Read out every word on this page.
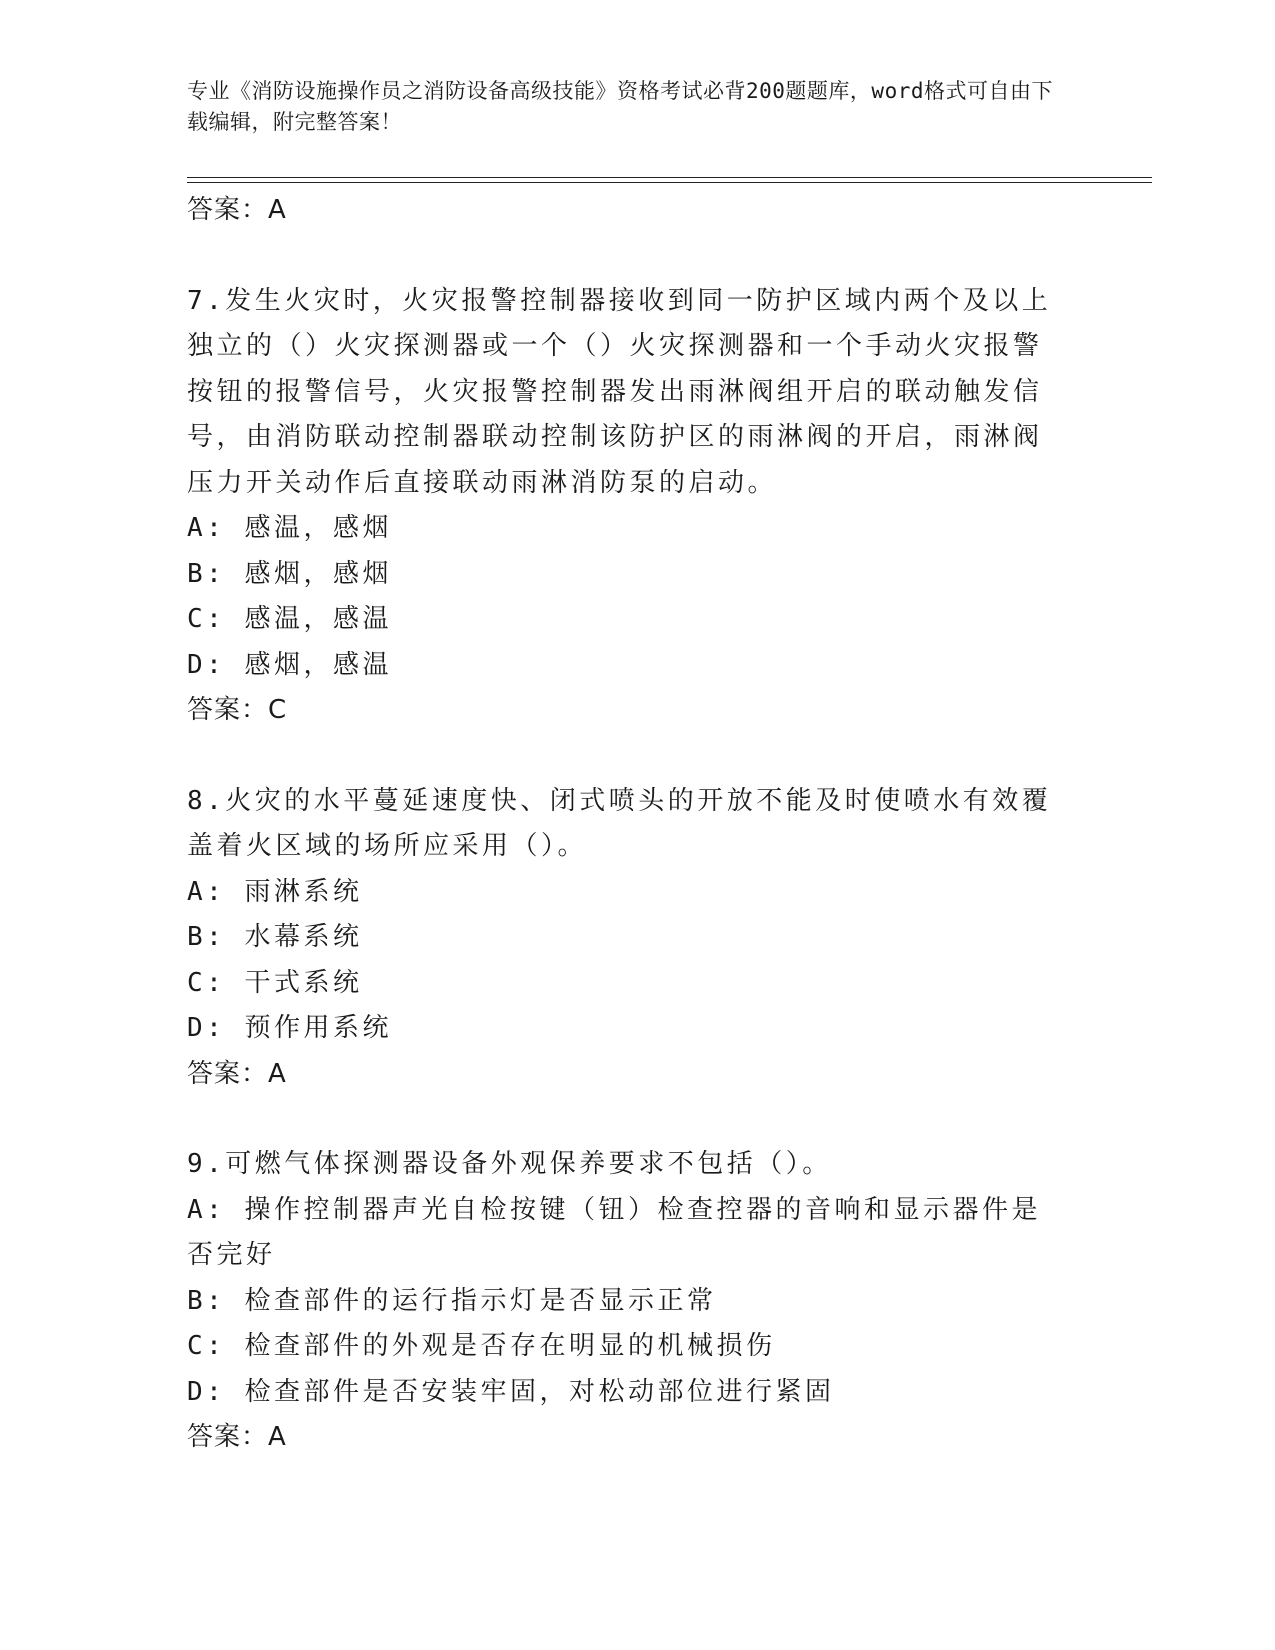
专业《消防设施操作员之消防设备高级技能》资格考试必背200题题库，word格式可自由下载编辑，附完整答案！

答案：A

7.发生火灾时，火灾报警控制器接收到同一防护区域内两个及以上独立的（）火灾探测器或一个（）火灾探测器和一个手动火灾报警按钮的报警信号，火灾报警控制器发出雨淋阀组开启的联动触发信号，由消防联动控制器联动控制该防护区的雨淋阀的开启，雨淋阀压力开关动作后直接联动雨淋消防泵的启动。

A: 感温，感烟

B: 感烟，感烟

C: 感温，感温

D: 感烟，感温

答案：C

8.火灾的水平蔓延速度快、闭式喷头的开放不能及时使喷水有效覆盖着火区域的场所应采用（）。

A: 雨淋系统

B: 水幕系统

C: 干式系统

D: 预作用系统

答案：A

9.可燃气体探测器设备外观保养要求不包括（）。

A: 操作控制器声光自检按键（钮）检查控器的音响和显示器件是否完好

B: 检查部件的运行指示灯是否显示正常

C: 检查部件的外观是否存在明显的机械损伤

D: 检查部件是否安装牢固，对松动部位进行紧固

答案：A
